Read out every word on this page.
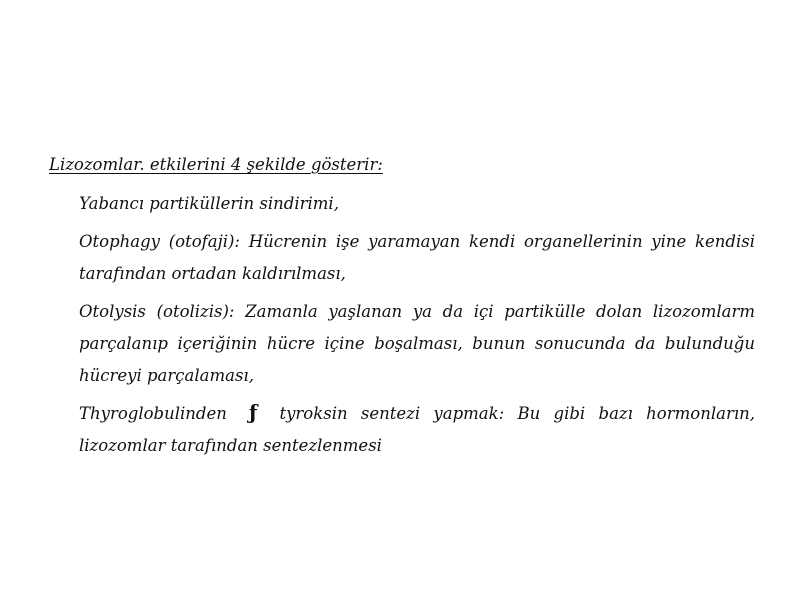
Lizozomlar. etkilerini 4 şekilde gösterir:

Yabancı partiküllerin sindirimi,

Otophagy (otofaji): Hücrenin işe yaramayan kendi organellerinin yine kendisi tarafından ortadan kaldırılması,

Otolysis (otolizis): Zamanla yaşlanan ya da içi partikülle dolan lizozomlarm parçalanıp içeriğinin hücre içine boşalması, bunun sonucunda da bulunduğu hücreyi parçalaması,

Thyroglobulinden ƒ tyroksin sentezi yapmak: Bu gibi bazı hormonların, lizozomlar tarafından sentezlenmesi
